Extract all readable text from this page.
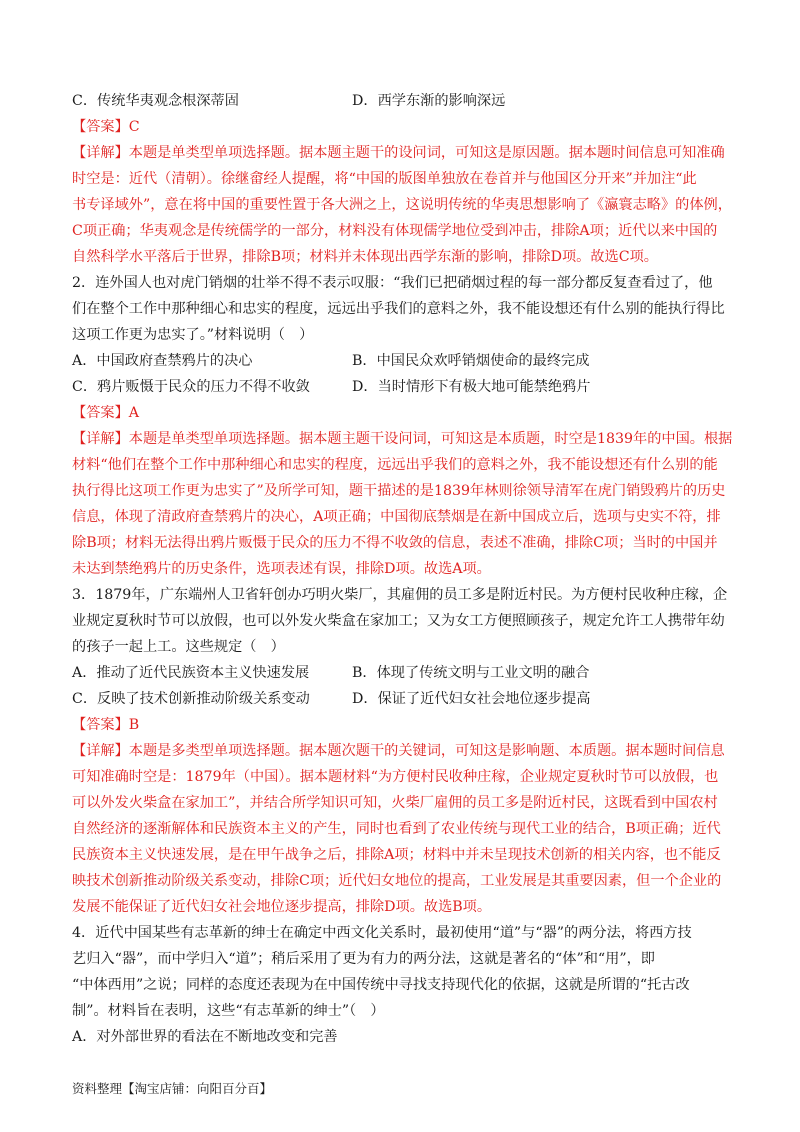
C．传统华夷观念根深蒂固	D．西学东渐的影响深远
【答案】C
【详解】本题是单类型单项选择题。据本题主题干的设问词，可知这是原因题。据本题时间信息可知准确
时空是：近代（清朝）。徐继畲经人提醒，将“中国的版图单独放在卷首并与他国区分开来”并加注“此
书专译域外”，意在将中国的重要性置于各大洲之上，这说明传统的华夷思想影响了《瀛寰志略》的体例，
C项正确；华夷观念是传统儒学的一部分，材料没有体现儒学地位受到冲击，排除A项；近代以来中国的
自然科学水平落后于世界，排除B项；材料并未体现出西学东渐的影响，排除D项。故选C项。
2．连外国人也对虎门销烟的壮举不得不表示叹服：“我们已把硝烟过程的每一部分都反复查看过了，他
们在整个工作中那种细心和忠实的程度，远远出乎我们的意料之外，我不能设想还有什么别的能执行得比
这项工作更为忠实了。”材料说明（　）
A．中国政府查禁鸦片的决心	B．中国民众欢呼销烟使命的最终完成
C．鸦片贩慑于民众的压力不得不收敛	D．当时情形下有极大地可能禁绝鸦片
【答案】A
【详解】本题是单类型单项选择题。据本题主题干设问词，可知这是本质题，时空是1839年的中国。根据
材料“他们在整个工作中那种细心和忠实的程度，远远出乎我们的意料之外，我不能设想还有什么别的能
执行得比这项工作更为忠实了”及所学可知，题干描述的是1839年林则徐领导清军在虎门销毁鸦片的历史
信息，体现了清政府查禁鸦片的决心，A项正确；中国彻底禁烟是在新中国成立后，选项与史实不符，排
除B项；材料无法得出鸦片贩慑于民众的压力不得不收敛的信息，表述不准确，排除C项；当时的中国并
未达到禁绝鸦片的历史条件，选项表述有误，排除D项。故选A项。
3．1879年，广东端州人卫省轩创办巧明火柴厂，其雇佣的员工多是附近村民。为方便村民收种庄稼，企
业规定夏秋时节可以放假，也可以外发火柴盒在家加工；又为女工方便照顾孩子，规定允许工人携带年幼
的孩子一起上工。这些规定（　）
A．推动了近代民族资本主义快速发展	B．体现了传统文明与工业文明的融合
C．反映了技术创新推动阶级关系变动	D．保证了近代妇女社会地位逐步提高
【答案】B
【详解】本题是多类型单项选择题。据本题次题干的关键词，可知这是影响题、本质题。据本题时间信息
可知准确时空是：1879年（中国）。据本题材料“为方便村民收种庄稼，企业规定夏秋时节可以放假，也
可以外发火柴盒在家加工”，并结合所学知识可知，火柴厂雇佣的员工多是附近村民，这既看到中国农村
自然经济的逐渐解体和民族资本主义的产生，同时也看到了农业传统与现代工业的结合，B项正确；近代
民族资本主义快速发展，是在甲午战争之后，排除A项；材料中并未呈现技术创新的相关内容，也不能反
映技术创新推动阶级关系变动，排除C项；近代妇女地位的提高，工业发展是其重要因素，但一个企业的
发展不能保证了近代妇女社会地位逐步提高，排除D项。故选B项。
4．近代中国某些有志革新的绅士在确定中西文化关系时，最初使用“道”与“器”的两分法，将西方技
艺归入“器”，而中学归入“道”；稍后采用了更为有力的两分法，这就是著名的“体”和“用”，即
“中体西用”之说；同样的态度还表现为在中国传统中寻找支持现代化的依据，这就是所谓的“托古改
制”。材料旨在表明，这些“有志革新的绅士”（　）
A．对外部世界的看法在不断地改变和完善
资料整理【淘宝店铺：向阳百分百】
